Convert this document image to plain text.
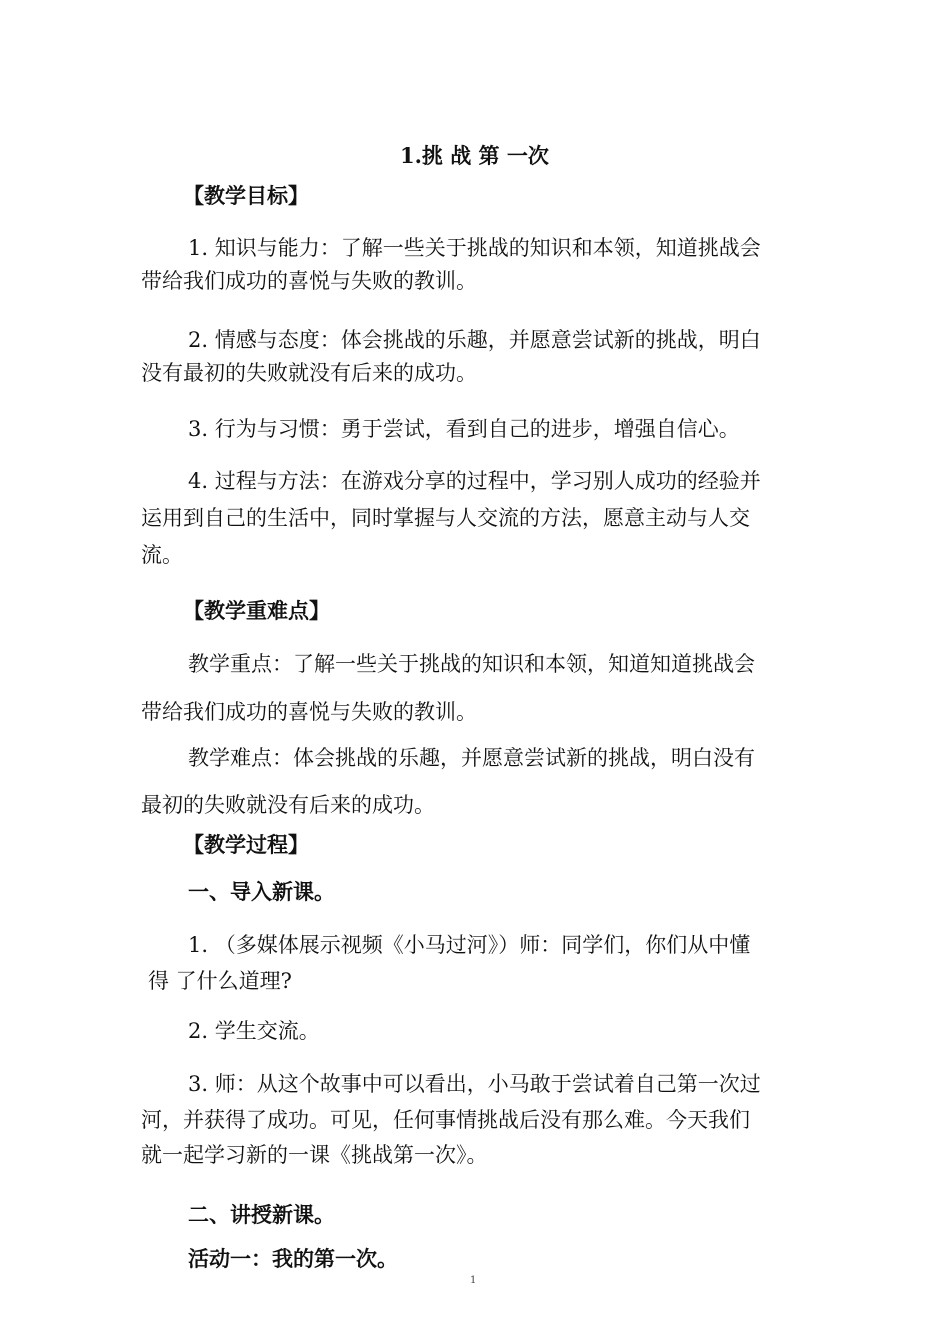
1.挑 战 第 一次
【教学目标】
1. 知识与能力：了解一些关于挑战的知识和本领，知道挑战会
带给我们成功的喜悦与失败的教训。
2. 情感与态度：体会挑战的乐趣，并愿意尝试新的挑战，明白
没有最初的失败就没有后来的成功。
3. 行为与习惯：勇于尝试，看到自己的进步，增强自信心。
4. 过程与方法：在游戏分享的过程中，学习别人成功的经验并
运用到自己的生活中，同时掌握与人交流的方法，愿意主动与人交
流。
【教学重难点】
教学重点：了解一些关于挑战的知识和本领，知道知道挑战会
带给我们成功的喜悦与失败的教训。
教学难点：体会挑战的乐趣，并愿意尝试新的挑战，明白没有
最初的失败就没有后来的成功。
【教学过程】
一、导入新课。
1. （多媒体展示视频《小马过河》）师：同学们，你们从中懂
得 了什么道理?
2. 学生交流。
3. 师：从这个故事中可以看出，小马敢于尝试着自己第一次过
河，并获得了成功。可见，任何事情挑战后没有那么难。今天我们
就一起学习新的一课《挑战第一次》。
二、讲授新课。
活动一：我的第一次。
1
